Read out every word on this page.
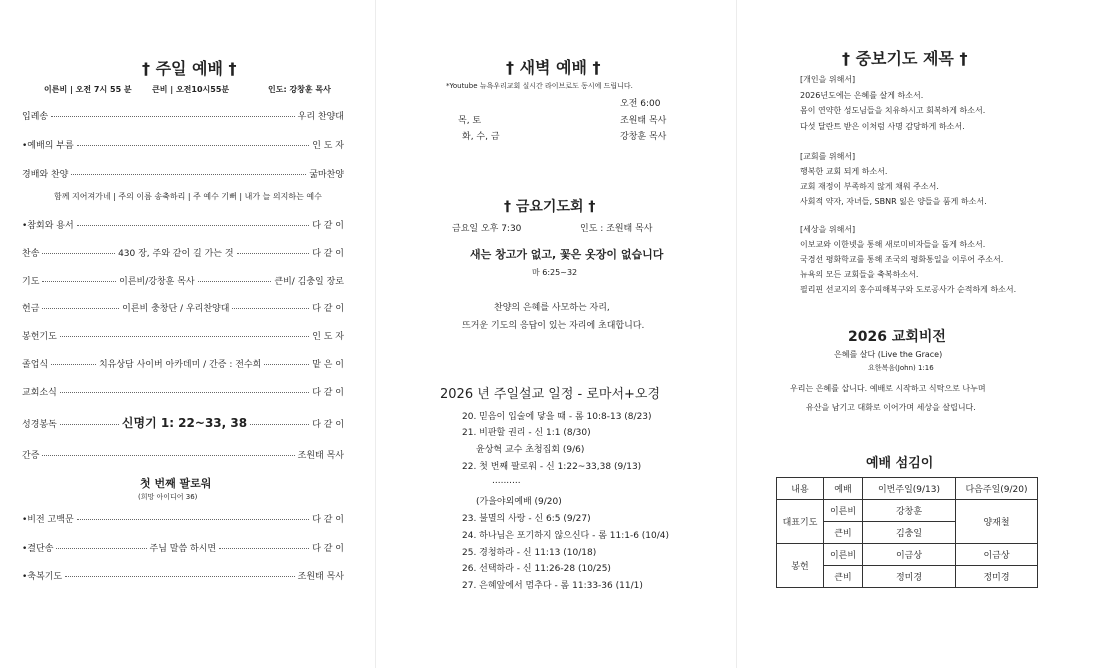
† 주일 예배 †
이른비 | 오전 7시 55 분	큰비 | 오전10시55분	인도: 강창훈 목사
입례송	우리 찬양대
•예배의 부름	인 도 자
경배와 찬양	굶마찬양
•참회와 용서	다 같 이
찬송	430 장, 주와 같이 길 가는 것	다 같 이
기도	이른비/강창훈 목사	큰비/ 김충일 장로
헌금	이른비 충창단 / 우리찬양대	다 같 이
봉헌기도	인 도 자
졸업식	치유상담 사이버 아카데미 / 간증 : 전수희	맡 은 이
교회소식	다 같 이
성경봉독	신명기 1: 22~33, 38	다 같 이
간증	조원태 목사
함께 지어져가네 | 주의 이름 송축하리 | 주 예수 기뻐 | 내가 늘 의지하는 예수
첫 번째 팔로워
(희망 아이디어 36)
•비전 고백문	다 같 이
•결단송	주님 말씀 하시면	다 같 이
•축복기도	조원태 목사
† 새벽 예배 †
*Youtube 뉴욕우리교회 실시간 라이브로도 동시에 드립니다.
오전 6:00
목, 토	조원태 목사
화, 수, 금	강창훈 목사
† 금요기도회 †
금요일 오후 7:30	인도 : 조원태 목사
새는 창고가 없고, 꽃은 옷장이 없습니다
마 6:25~32
찬양의 은혜를 사모하는 자리,
뜨거운 기도의 응답이 있는 자리에 초대합니다.
2026 년 주일설교 일정 - 로마서+오경
20. 믿음이 입술에 닿을 때 - 롬 10:8-13 (8/23)
21. 비판할 권리 - 신 1:1 (8/30)
윤상혁 교수 초청집회 (9/6)
22. 첫 번째 팔로워 - 신 1:22~33,38 (9/13)
..........
(가을야외예배 (9/20)
23. 불멸의 사랑 - 신 6:5 (9/27)
24. 하나님은 포기하지 않으신다 - 롬 11:1-6 (10/4)
25. 경청하라 - 신 11:13 (10/18)
26. 선택하라 - 신 11:26-28 (10/25)
27. 은혜앞에서 멈추다 - 롬 11:33-36 (11/1)
† 중보기도 제목 †
[개인을 위해서]
2026년도에는 은혜를 살게 하소서.
몸이 연약한 성도님들을 치유하시고 회복하게 하소서.
다섯 달란트 받은 이처럼 사명 감당하게 하소서.
[교회를 위해서]
행복한 교회 되게 하소서.
교회 재정이 부족하지 않게 채워 주소서.
사회적 약자, 자녀들, SBNR 잃은 양들을 품게 하소서.
[세상을 위해서]
이보교와 이한넷을 통해 새로미비자들을 돕게 하소서.
국경선 평화학교를 통해 조국의 평화통일을 이루어 주소서.
뉴욕의 모든 교회들을 축복하소서.
필리핀 선교지의 홍수피해복구와 도로공사가 순적하게 하소서.
2026 교회비전
은혜를 살다 (Live the Grace)
요한복음(John) 1:16
우리는 은혜를 삽니다. 예배로 시작하고 식탁으로 나누며
유산을 남기고 대화로 이어가며 세상을 살립니다.
예배 섬김이
내용	예배	이번주일(9/13)	다음주일(9/20)
대표기도	이른비	강창훈	양재철
	큰비	김충일	
봉헌	이른비	이금상	이금상
	큰비	정미경	정미경
